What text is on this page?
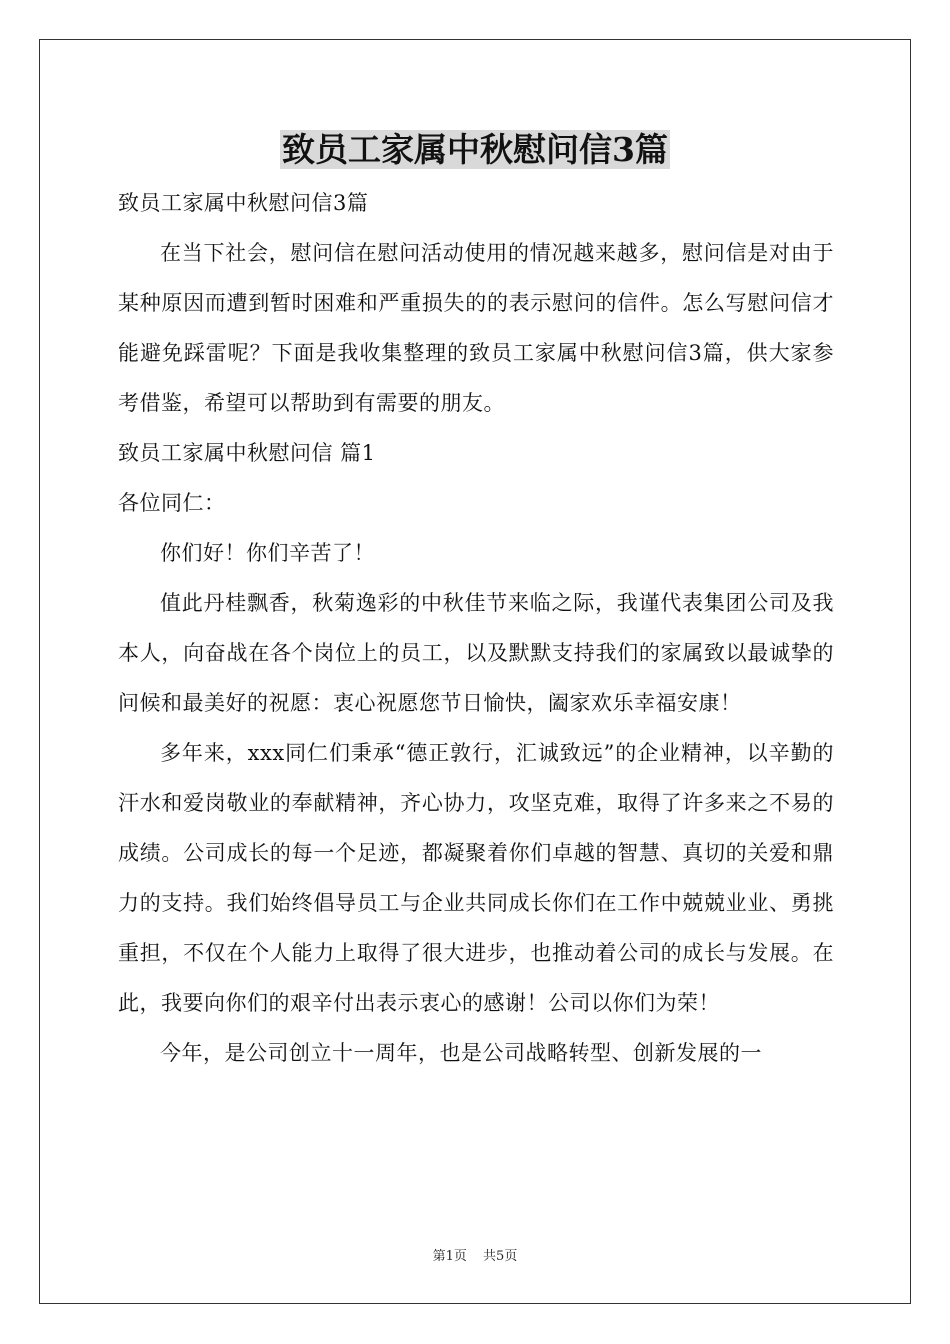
致员工家属中秋慰问信3篇

致员工家属中秋慰问信3篇

在当下社会，慰问信在慰问活动使用的情况越来越多，慰问信是对由于某种原因而遭到暂时困难和严重损失的的表示慰问的信件。怎么写慰问信才能避免踩雷呢？下面是我收集整理的致员工家属中秋慰问信3篇，供大家参考借鉴，希望可以帮助到有需要的朋友。

致员工家属中秋慰问信 篇1

各位同仁：

你们好！你们辛苦了！

值此丹桂飘香，秋菊逸彩的中秋佳节来临之际，我谨代表集团公司及我本人，向奋战在各个岗位上的员工，以及默默支持我们的家属致以最诚挚的问候和最美好的祝愿：衷心祝愿您节日愉快，阖家欢乐幸福安康！

多年来，xxx同仁们秉承“德正敦行，汇诚致远”的企业精神，以辛勤的汗水和爱岗敬业的奉献精神，齐心协力，攻坚克难，取得了许多来之不易的成绩。公司成长的每一个足迹，都凝聚着你们卓越的智慧、真切的关爱和鼎力的支持。我们始终倡导员工与企业共同成长你们在工作中兢兢业业、勇挑重担，不仅在个人能力上取得了很大进步，也推动着公司的成长与发展。在此，我要向你们的艰辛付出表示衷心的感谢！公司以你们为荣！

今年，是公司创立十一周年，也是公司战略转型、创新发展的一

第1页 共5页
